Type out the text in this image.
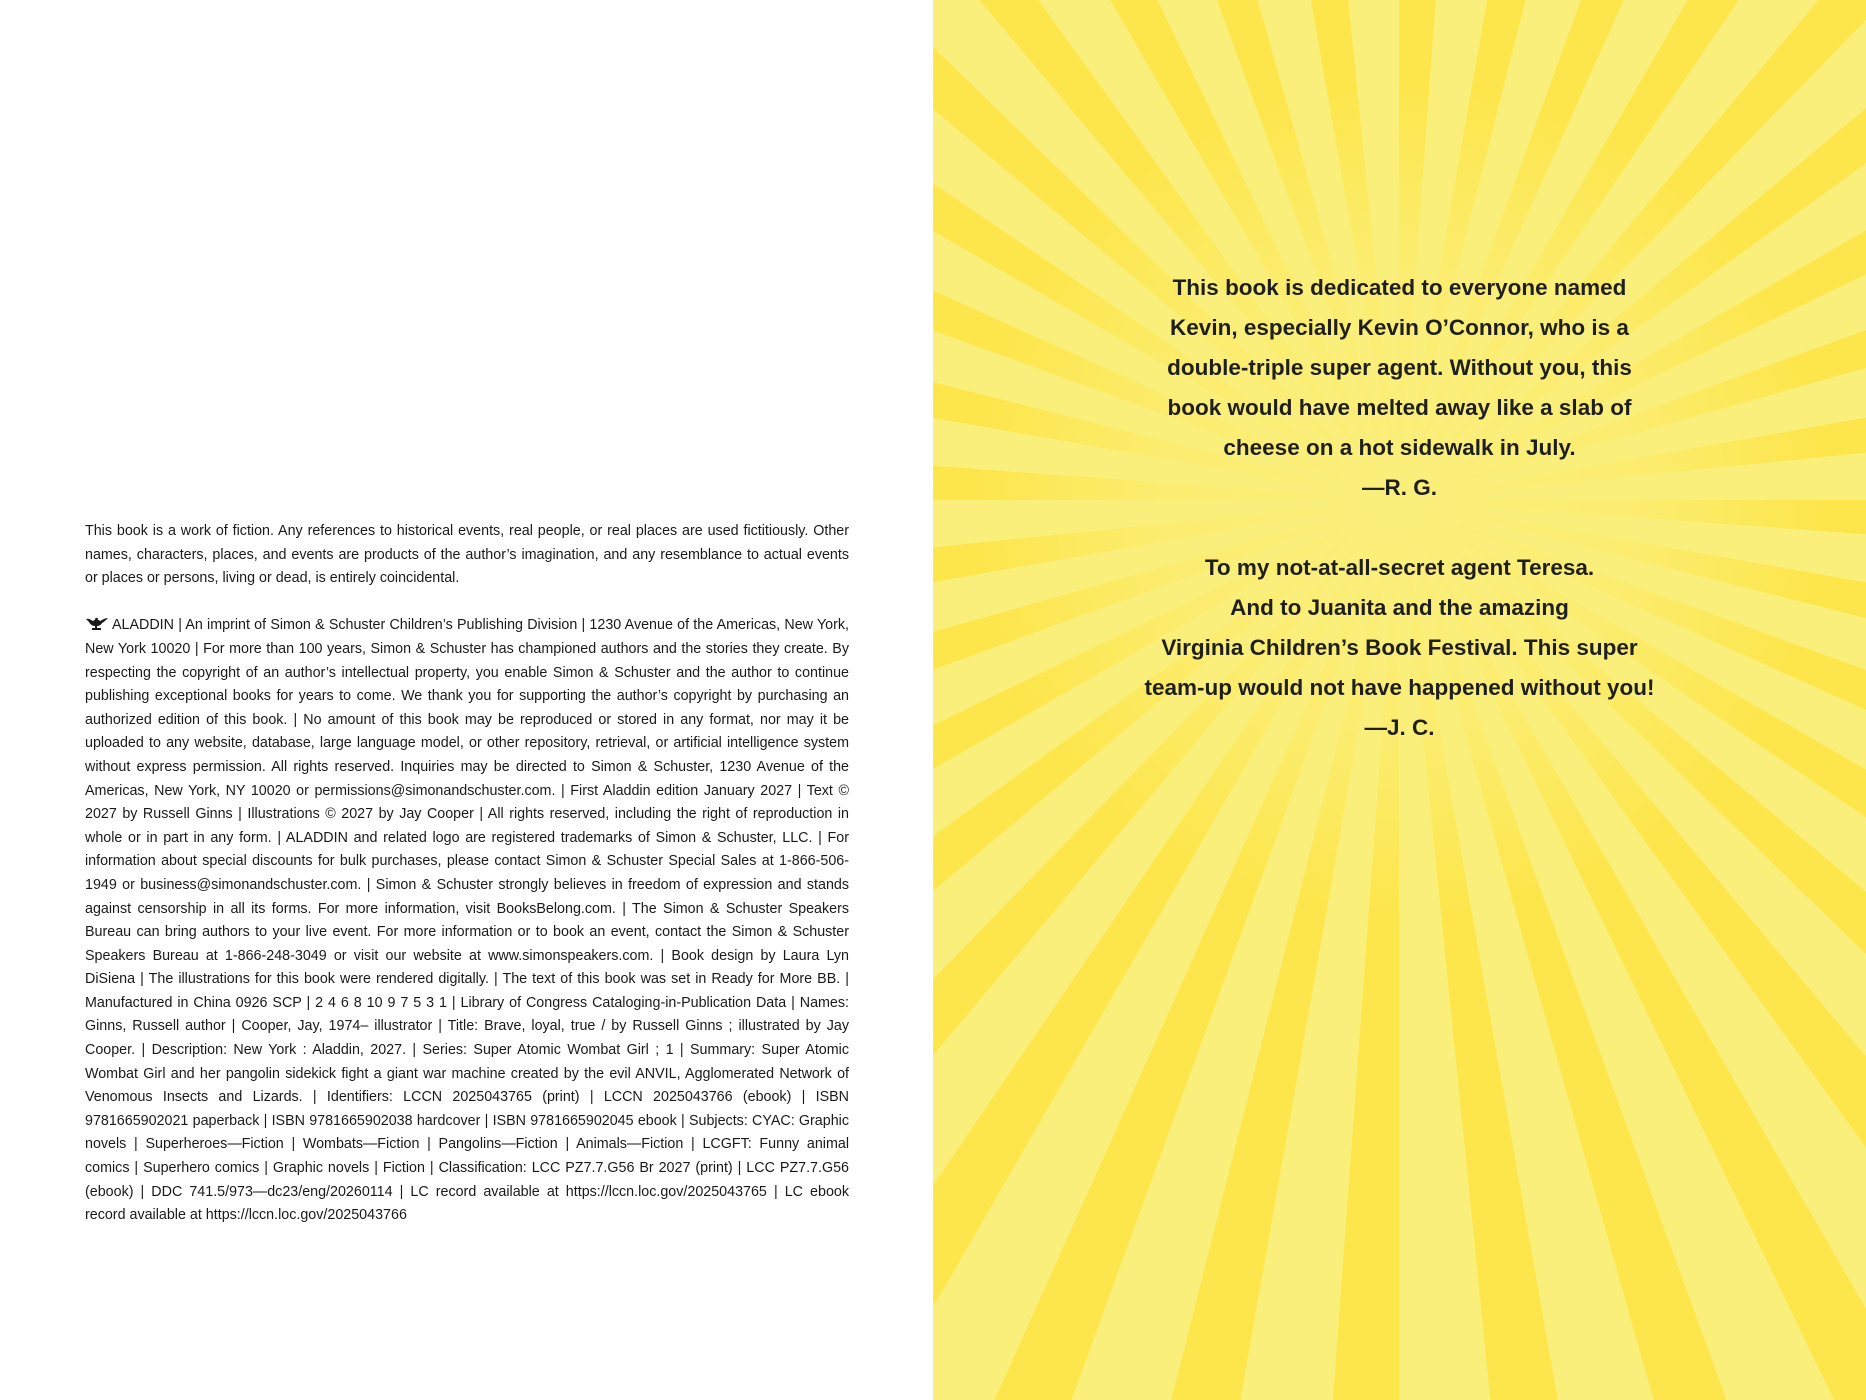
This book is a work of fiction. Any references to historical events, real people, or real places are used fictitiously. Other names, characters, places, and events are products of the author’s imagination, and any resemblance to actual events or places or persons, living or dead, is entirely coincidental.

ALADDIN | An imprint of Simon & Schuster Children’s Publishing Division | 1230 Avenue of the Americas, New York, New York 10020 | For more than 100 years, Simon & Schuster has championed authors and the stories they create. By respecting the copyright of an author’s intellectual property, you enable Simon & Schuster and the author to continue publishing exceptional books for years to come. We thank you for supporting the author’s copyright by purchasing an authorized edition of this book. | No amount of this book may be reproduced or stored in any format, nor may it be uploaded to any website, database, large language model, or other repository, retrieval, or artificial intelligence system without express permission. All rights reserved. Inquiries may be directed to Simon & Schuster, 1230 Avenue of the Americas, New York, NY 10020 or permissions@simonandschuster.com. | First Aladdin edition January 2027 | Text © 2027 by Russell Ginns | Illustrations © 2027 by Jay Cooper | All rights reserved, including the right of reproduction in whole or in part in any form. | ALADDIN and related logo are registered trademarks of Simon & Schuster, LLC. | For information about special discounts for bulk purchases, please contact Simon & Schuster Special Sales at 1-866-506-1949 or business@simonandschuster.com. | Simon & Schuster strongly believes in freedom of expression and stands against censorship in all its forms. For more information, visit BooksBelong.com. | The Simon & Schuster Speakers Bureau can bring authors to your live event. For more information or to book an event, contact the Simon & Schuster Speakers Bureau at 1-866-248-3049 or visit our website at www.simonspeakers.com. | Book design by Laura Lyn DiSiena | The illustrations for this book were rendered digitally. | The text of this book was set in Ready for More BB. | Manufactured in China 0926 SCP | 2 4 6 8 10 9 7 5 3 1 | Library of Congress Cataloging-in-Publication Data | Names: Ginns, Russell author | Cooper, Jay, 1974– illustrator | Title: Brave, loyal, true / by Russell Ginns ; illustrated by Jay Cooper. | Description: New York : Aladdin, 2027. | Series: Super Atomic Wombat Girl ; 1 | Summary: Super Atomic Wombat Girl and her pangolin sidekick fight a giant war machine created by the evil ANVIL, Agglomerated Network of Venomous Insects and Lizards. | Identifiers: LCCN 2025043765 (print) | LCCN 2025043766 (ebook) | ISBN 9781665902021 paperback | ISBN 9781665902038 hardcover | ISBN 9781665902045 ebook | Subjects: CYAC: Graphic novels | Superheroes—Fiction | Wombats—Fiction | Pangolins—Fiction | Animals—Fiction | LCGFT: Funny animal comics | Superhero comics | Graphic novels | Fiction | Classification: LCC PZ7.7.G56 Br 2027 (print) | LCC PZ7.7.G56 (ebook) | DDC 741.5/973—dc23/eng/20260114 | LC record available at https://lccn.loc.gov/2025043765 | LC ebook record available at https://lccn.loc.gov/2025043766

This book is dedicated to everyone named
Kevin, especially Kevin O’Connor, who is a
double-triple super agent. Without you, this
book would have melted away like a slab of
cheese on a hot sidewalk in July.
—R. G.
To my not-at-all-secret agent Teresa.
And to Juanita and the amazing
Virginia Children’s Book Festival. This super
team-up would not have happened without you!
—J. C.
